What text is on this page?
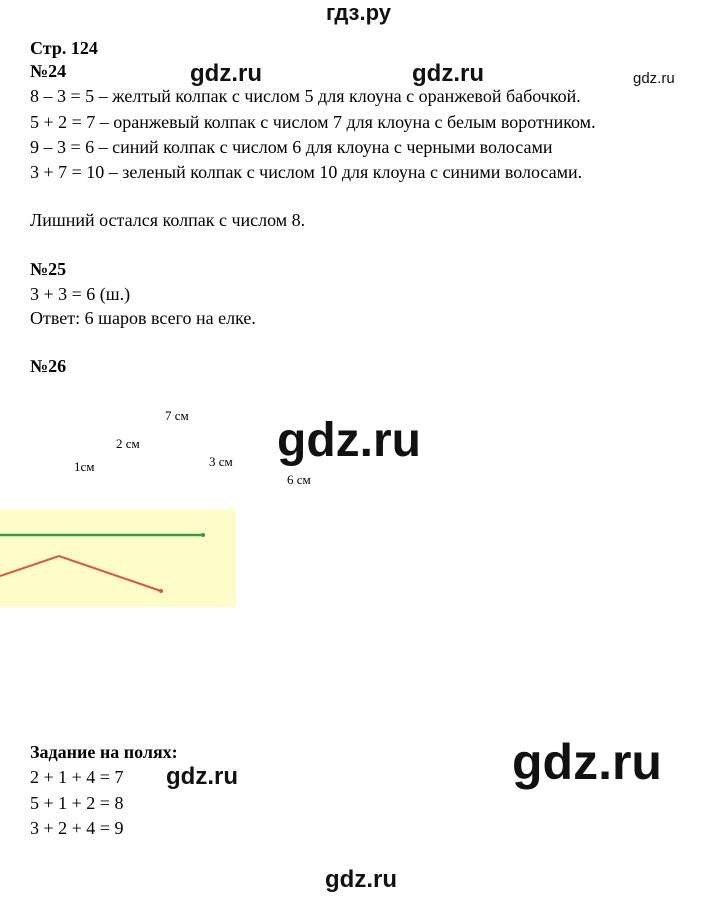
гдз.ру
gdz.ru	gdz.ru	gdz.ru
gdz.ru
gdz.ru
gdz.ru
gdz.ru
Стр. 124
№24
8 – 3 = 5 – желтый колпак с числом 5 для клоуна с оранжевой бабочкой.
5 + 2 = 7 – оранжевый колпак с числом 7 для клоуна с белым воротником.
9 – 3 = 6 – синий колпак с числом 6 для клоуна с черными волосами
3 + 7 = 10 – зеленый колпак с числом 10 для клоуна с синими волосами.
Лишний остался колпак с числом 8.
№25
3 + 3 = 6 (ш.)
Ответ: 6 шаров всего на елке.
№26
7 см
2 см
1см	3 см
6 см
Задание на полях:
2 + 1 + 4 = 7
5 + 1 + 2 = 8
3 + 2 + 4 = 9
